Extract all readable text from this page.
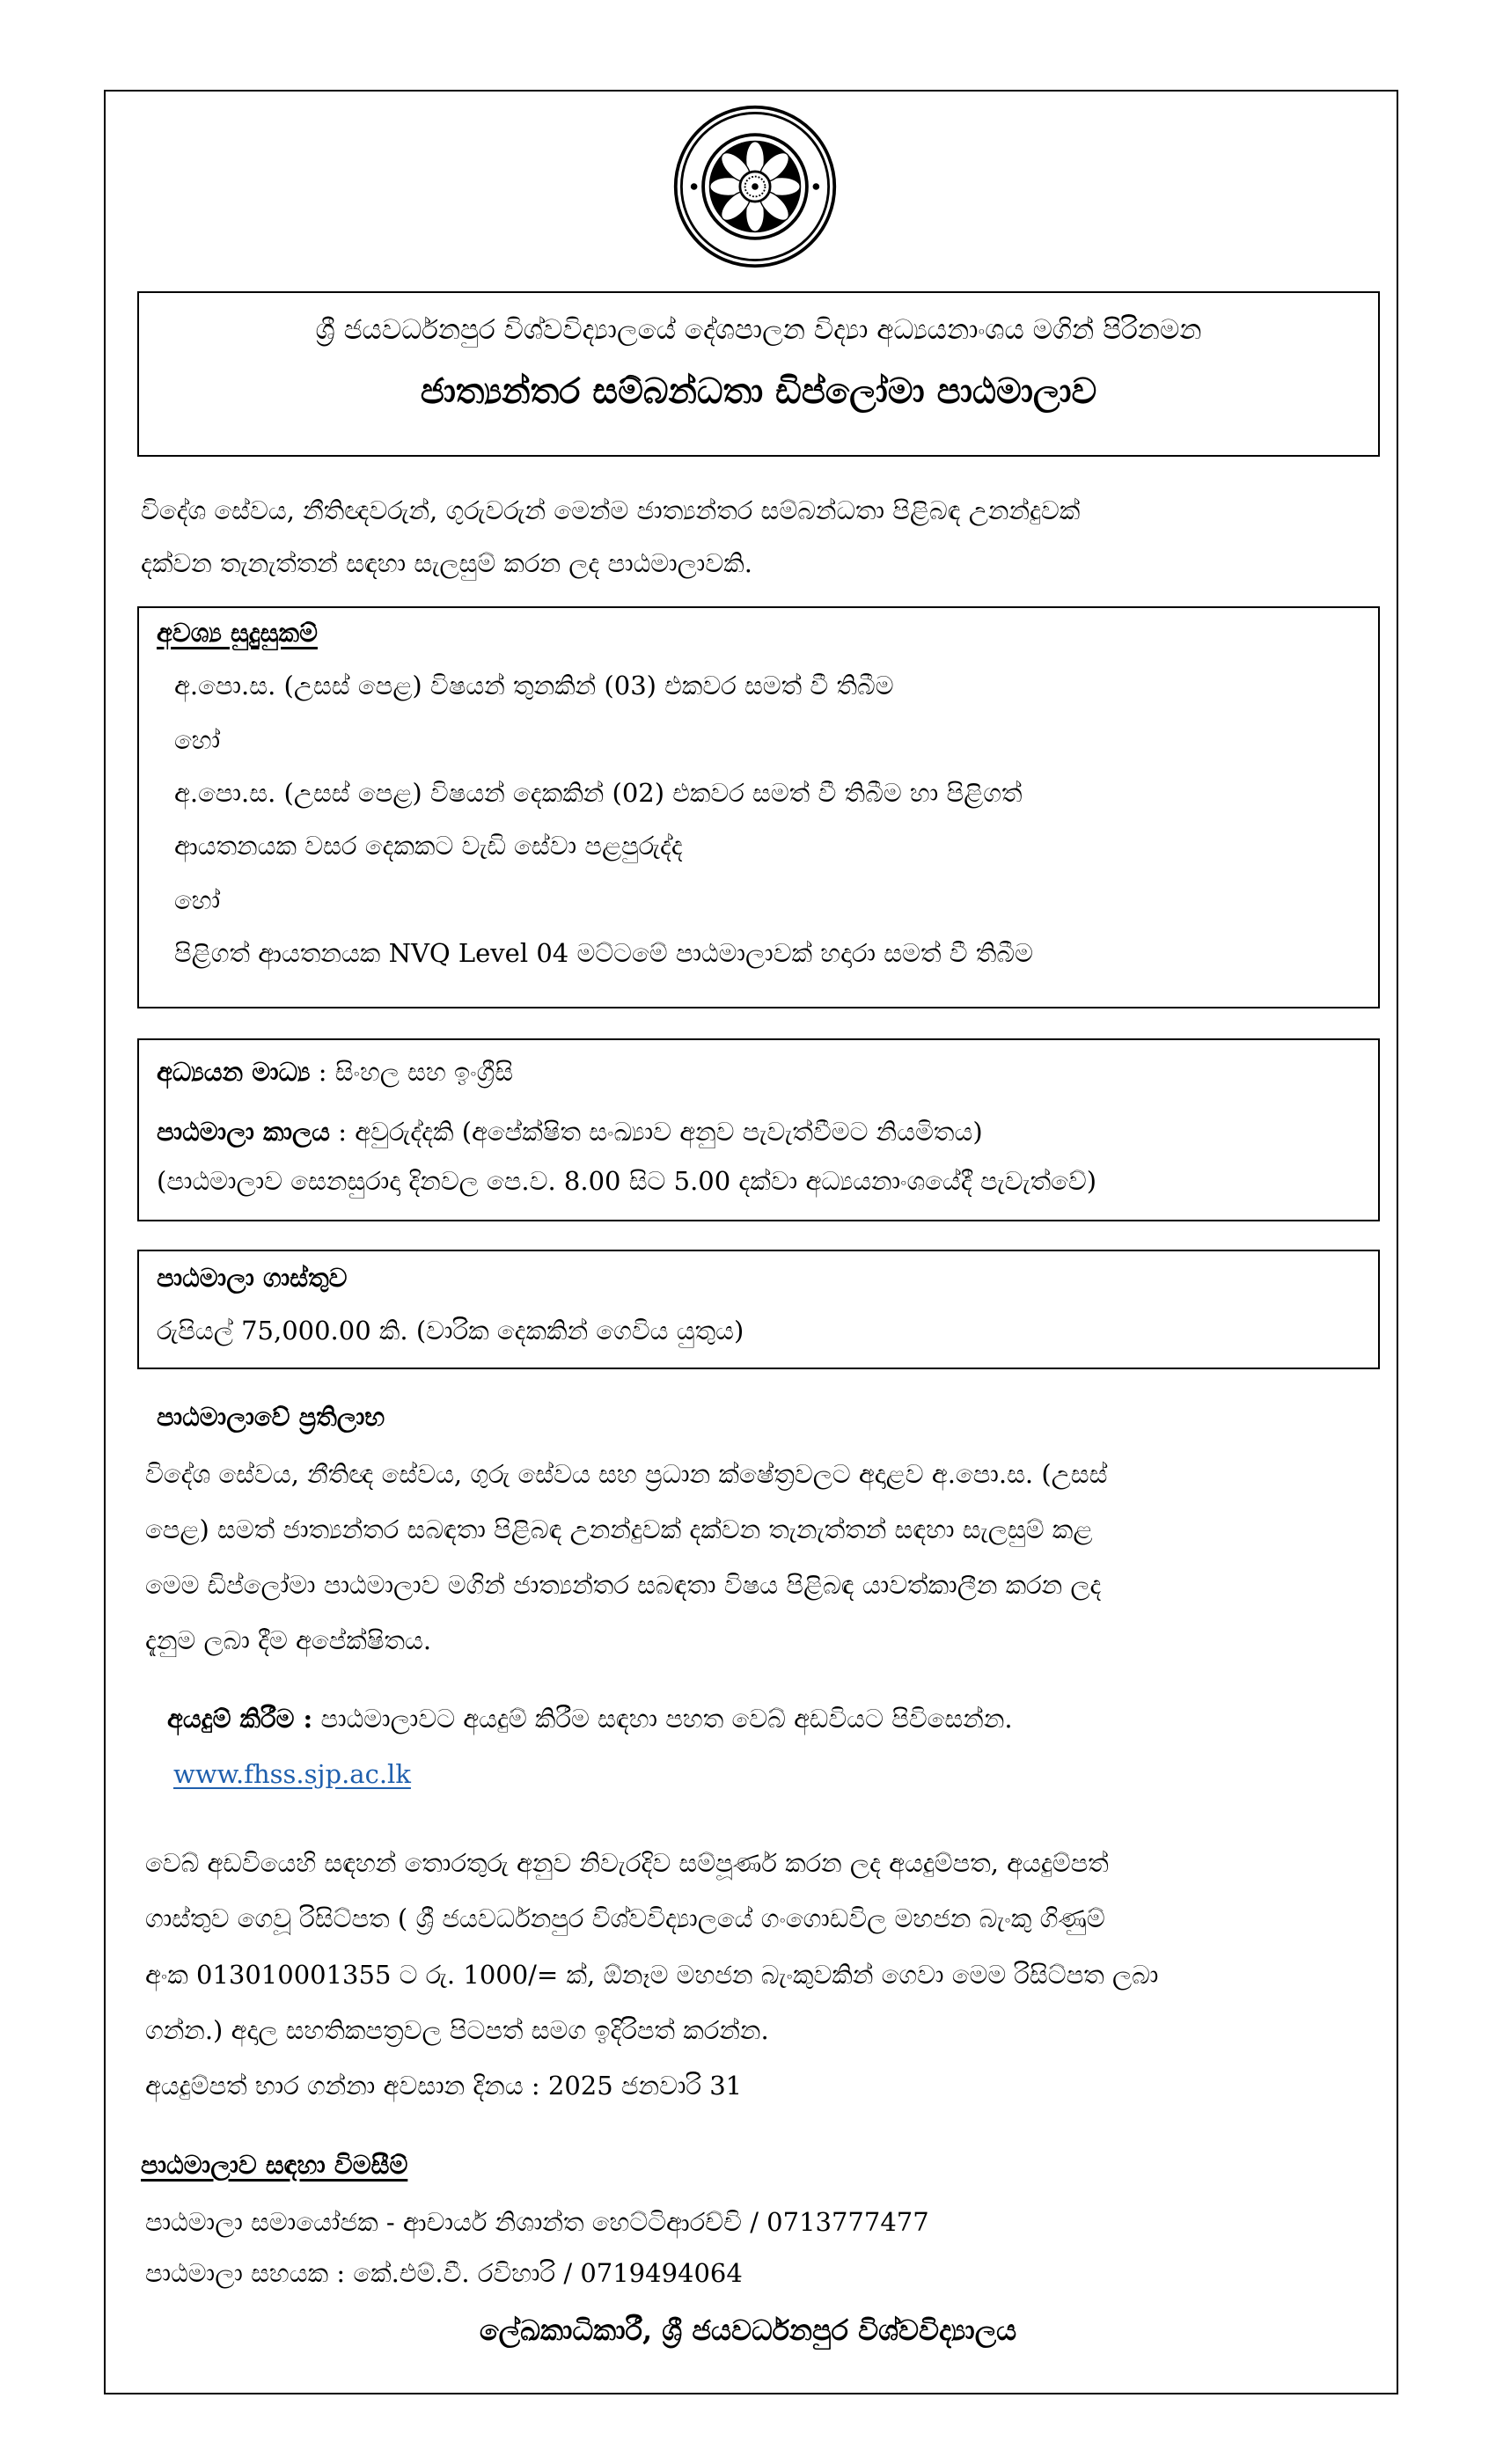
ශ්‍රී ජයවර්ධනපුර විශ්වවිද්‍යාලයේ දේශපාලන විද්‍යා අධ්‍යයනාංශය මගින් පිරිනමන
ජාත්‍යන්තර සම්බන්ධතා ඩිප්ලෝමා පාඨමාලාව
විදේශ සේවය, නීතිඥවරුන්, ගුරුවරුන් මෙන්ම ජාත්‍යන්තර සම්බන්ධතා පිළිබඳ උනන්දුවක්
දක්වන තැනැත්තන් සඳහා සැලසුම් කරන ලද පාඨමාලාවකි.
අවශ්‍ය සුදුසුකම්
අ.පො.ස. (උසස් පෙළ) විෂයන් තුනකින් (03) එකවර සමත් වී තිබීම
හෝ
අ.පො.ස. (උසස් පෙළ) විෂයන් දෙකකින් (02) එකවර සමත් වී තිබීම හා පිළිගත්
ආයතනයක වසර දෙකකට වැඩි සේවා පළපුරුද්ද
හෝ
පිළිගත් ආයතනයක NVQ Level 04 මට්ටමේ පාඨමාලාවක් හදාරා සමත් වී තිබීම
අධ්‍යයන මාධ්‍ය : සිංහල සහ ඉංග්‍රීසි
පාඨමාලා කාලය : අවුරුද්දකි (අපේක්ෂිත සංඛ්‍යාව අනුව පැවැත්වීමට නියමිතය)
(පාඨමාලාව සෙනසුරාදා දිනවල පෙ.ව. 8.00 සිට 5.00 දක්වා අධ්‍යයනාංශයේදී පැවැත්වේ)
පාඨමාලා ගාස්තුව
රුපියල් 75,000.00 කි. (වාරික දෙකකින් ගෙවිය යුතුය)
පාඨමාලාවේ ප්‍රතිලාභ
විදේශ සේවය, නීතිඥ සේවය, ගුරු සේවය සහ ප්‍රධාන ක්ෂේත්‍රවලට අදාළව අ.පො.ස. (උසස්
පෙළ) සමත් ජාත්‍යන්තර සබඳතා පිළිබඳ උනන්දුවක් දක්වන තැනැත්තන් සඳහා සැලසුම් කළ
මෙම ඩිප්ලෝමා පාඨමාලාව මගින් ජාත්‍යන්තර සබඳතා විෂය පිළිබඳ යාවත්කාලීන කරන ලද
දැනුම ලබා දීම අපේක්ෂිතය.
අයදුම් කිරීම : පාඨමාලාවට අයදුම් කිරීම සඳහා පහත වෙබ් අඩවියට පිවිසෙන්න.
www.fhss.sjp.ac.lk
වෙබ් අඩවියෙහි සඳහන් තොරතුරු අනුව නිවැරදිව සම්පූර්ණ කරන ලද අයදුම්පත, අයදුම්පත්
ගාස්තුව ගෙවූ රිසිට්පත ( ශ්‍රී ජයවර්ධනපුර විශ්වවිද්‍යාලයේ ගංගොඩවිල මහජන බැංකු ගිණුම්
අංක 013010001355 ට රු. 1000/= ක්, ඕනෑම මහජන බැංකුවකින් ගෙවා මෙම රිසිට්පත ලබා
ගන්න.) අදාල සහතිකපත්‍රවල පිටපත් සමග ඉදිරිපත් කරන්න.
අයදුම්පත් භාර ගන්නා අවසාන දිනය : 2025 ජනවාරි 31
පාඨමාලාව සඳහා විමසීම්
පාඨමාලා සමායෝජක - ආචාර්ය නිශාන්ත හෙට්ටිආරච්චි / 0713777477
පාඨමාලා සහයක : කේ.එම්.වී. රවිහාරි / 0719494064
ලේඛකාධිකාරී, ශ්‍රී ජයවර්ධනපුර විශ්වවිද්‍යාලය
